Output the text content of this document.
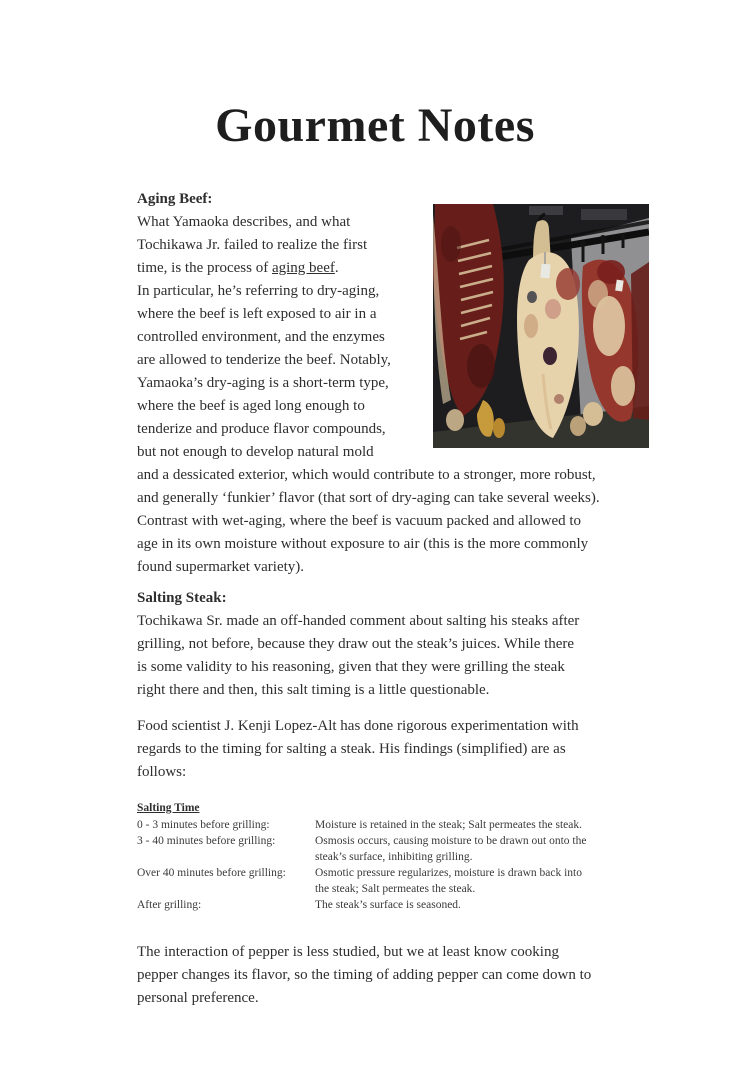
Gourmet Notes
Aging Beef:
What Yamaoka describes, and what
Tochikawa Jr. failed to realize the first
time, is the process of aging beef.
In particular, he’s referring to dry-aging,
where the beef is left exposed to air in a
controlled environment, and the enzymes
are allowed to tenderize the beef. Notably,
Yamaoka’s dry-aging is a short-term type,
where the beef is aged long enough to
tenderize and produce flavor compounds,
but not enough to develop natural mold
and a dessicated exterior, which would contribute to a stronger, more robust,
and generally ‘funkier’ flavor (that sort of dry-aging can take several weeks).
Contrast with wet-aging, where the beef is vacuum packed and allowed to
age in its own moisture without exposure to air (this is the more commonly
found supermarket variety).
Salting Steak:
Tochikawa Sr. made an off-handed comment about salting his steaks after
grilling, not before, because they draw out the steak’s juices. While there
is some validity to his reasoning, given that they were grilling the steak
right there and then, this salt timing is a little questionable.
Food scientist J. Kenji Lopez-Alt has done rigorous experimentation with
regards to the timing for salting a steak. His findings (simplified) are as
follows:
Salting Time
0 - 3 minutes before grilling:	Moisture is retained in the steak; Salt permeates the steak.
3 - 40 minutes before grilling:	Osmosis occurs, causing moisture to be drawn out onto the
steak’s surface, inhibiting grilling.
Over 40 minutes before grilling:	Osmotic pressure regularizes, moisture is drawn back into
the steak; Salt permeates the steak.
After grilling:	The steak’s surface is seasoned.
The interaction of pepper is less studied, but we at least know cooking
pepper changes its flavor, so the timing of adding pepper can come down to
personal preference.
